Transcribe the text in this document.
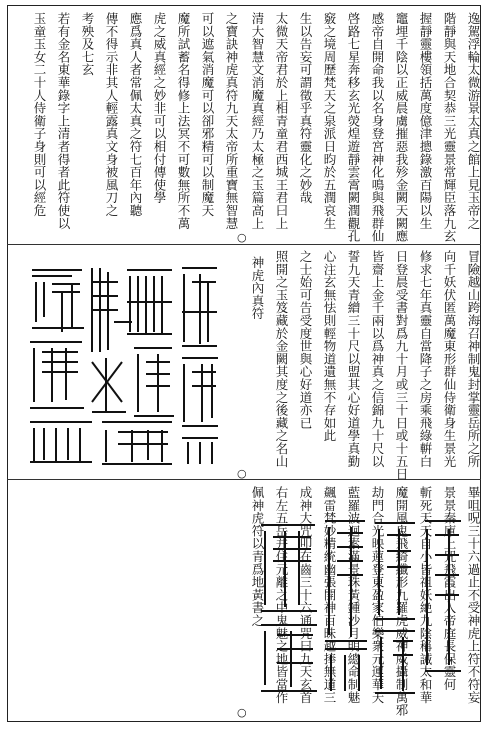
○
○
○
逸駕浮輪太微游景太真之館上見玉帝之
階靜與天地合契恭三光靈景常輝臣落九玄
握靜靈樓領括萬度億津摠錄激百陽以生
竈埋千陰以正威晨虜摧惡我殄金闕天闕應
感帝自開命我以名身登宮神化鳴與飛群仙
啓路七星奔移玄光熒煌遊靜雲霄闕潤觀孔
竅之境周歷梵天之泉派日昀於五潤哀生
生以告妄可謂徵乎真符靈化之妙哉
太微天帝君於上相青童君西城王君曰上
清大智慧文消魔真經乃太極之玉篇高上
之寶訣神虎真符九天太帝所重寶無智慧
可以遮氣消魔可以卻邪精可以制魔天
魔所試蓄名得修上法冥不可數無所不萬
虎之威真經之妙非可以相付傳使學
應爲真人者常佩太真之符七百年內聽
傳不得示非其人輕露真文身被風刀之
考殃及七玄
若有金名東華錄字上清者得者此符使以
玉童玉女二十人侍衛子身則可以經危
冒險越山跨海召神制鬼封掌靈岳所之所
向千妖伏匿萬魔東形群仙侍衛身生景光
修求七年真靈自當降子之房乘飛綠輧白
日登晨受書對爲九十月或三十日或十五日
皆齋上金千兩以爲神真之信錦九十尺以
誓九天青繒三十尺以盟其心好道學真勤
心注玄無怯則輕物道遺無不存如此
之士始可告受度世與心好道亦已
照開之玉笈藏於金闕其度之後藏之名山
神虎內真符
佩神虎符以青爲地黃書之 右左五岳并住元離之中鬼魅之地皆當作 成神大咒叩在齒三十六通咒曰九天玄首 飆雷梵妙精統幽張開神百昧越捧無道三 藍羅波迴素滿景珠黃鍾沙月明總命制魅 劫門合光映蓮登東盈家伯樂衆元運華天 魔開風鬼飛綺纖形九羅虎威神威攝制萬邪 斬死天天自小皆祖妖絶九陰稱誡太和華 景景秦庫上咒飛霞出入帝庭長保靈何 畢咀呪三十六過止不受神虎上符不符妄
